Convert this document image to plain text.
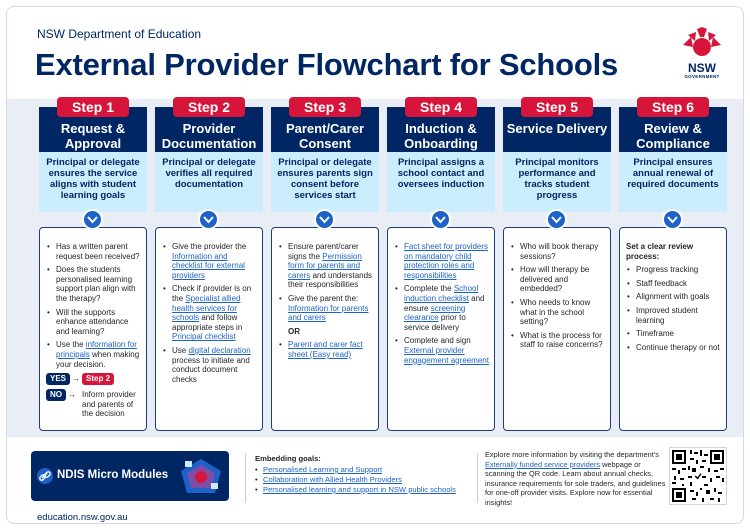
NSW Department of Education
External Provider Flowchart for Schools	NSW
GOVERNMENT
Request & Approval
Step 1
Principal or delegate ensures the service aligns with student learning goals
• Has a written parent request been received?
• Does the students personalised learning support plan align with the therapy?
• Will the supports enhance attendance and learning?
• Use the information for principals when making your decision.
YES → Step 2
NO → Inform provider and parents of the decision
Provider Documentation
Step 2
Principal or delegate verifies all required documentation
• Give the provider the Information and checklist for external providers
• Check if provider is on the Specialist allied health services for schools and follow appropriate steps in Principal checklist
• Use digital declaration process to initiate and conduct document checks
Parent/Carer Consent
Step 3
Principal or delegate ensures parents sign consent before services start
• Ensure parent/carer signs the Permission form for parents and carers and understands their responsibilities
• Give the parent the: Information for parents and carers
OR
• Parent and carer fact sheet (Easy read)
Induction & Onboarding
Step 4
Principal assigns a school contact and oversees induction
• Fact sheet for providers on mandatory child protection roles and responsibilities
• Complete the School induction checklist and ensure screening clearance prior to service delivery
• Complete and sign External provider engagement agreement
Service Delivery
Step 5
Principal monitors performance and tracks student progress
• Who will book therapy sessions?
• How will therapy be delivered and embedded?
• Who needs to know what in the school setting?
• What is the process for staff to raise concerns?
Review & Compliance
Step 6
Principal ensures annual renewal of required documents
Set a clear review process:
• Progress tracking
• Staff feedback
• Alignment with goals
• Improved student learning
• Timeframe
• Continue therapy or not
NDIS Micro Modules
education.nsw.gov.au
Embedding goals:
• Personalised Learning and Support
• Collaboration with Allied Health Providers
• Personalised learning and support in NSW public schools
Explore more information by visiting the department's Externally funded service providers webpage or scanning the QR code. Learn about annual checks, insurance requirements for sole traders, and guidelines for one-off provider visits. Explore now for essential insights!
